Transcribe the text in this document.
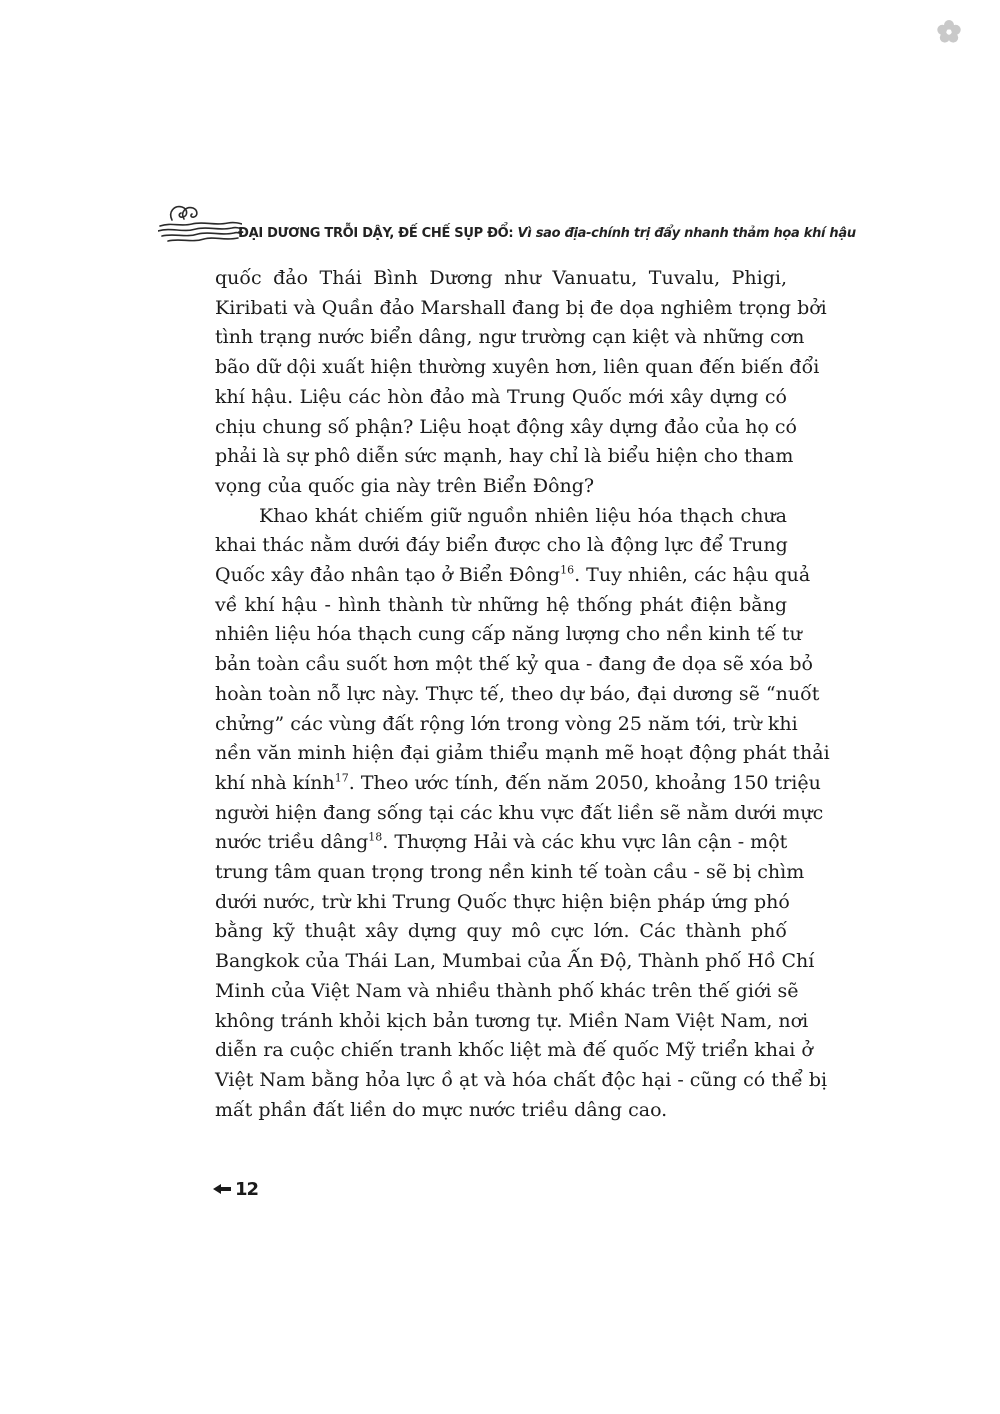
ĐẠI DƯƠNG TRỖI DẬY, ĐẾ CHẾ SỤP ĐỔ: Vì sao địa-chính trị đẩy nhanh thảm họa khí hậu
quốc đảo Thái Bình Dương như Vanuatu, Tuvalu, Phigi,
Kiribati và Quần đảo Marshall đang bị đe dọa nghiêm trọng bởi
tình trạng nước biển dâng, ngư trường cạn kiệt và những cơn
bão dữ dội xuất hiện thường xuyên hơn, liên quan đến biến đổi
khí hậu. Liệu các hòn đảo mà Trung Quốc mới xây dựng có
chịu chung số phận? Liệu hoạt động xây dựng đảo của họ có
phải là sự phô diễn sức mạnh, hay chỉ là biểu hiện cho tham
vọng của quốc gia này trên Biển Đông?
Khao khát chiếm giữ nguồn nhiên liệu hóa thạch chưa
khai thác nằm dưới đáy biển được cho là động lực để Trung
Quốc xây đảo nhân tạo ở Biển Đông$^{16}$. Tuy nhiên, các hậu quả
về khí hậu - hình thành từ những hệ thống phát điện bằng
nhiên liệu hóa thạch cung cấp năng lượng cho nền kinh tế tư
bản toàn cầu suốt hơn một thế kỷ qua - đang đe dọa sẽ xóa bỏ
hoàn toàn nỗ lực này. Thực tế, theo dự báo, đại dương sẽ “nuốt
chửng” các vùng đất rộng lớn trong vòng 25 năm tới, trừ khi
nền văn minh hiện đại giảm thiểu mạnh mẽ hoạt động phát thải
khí nhà kính$^{17}$. Theo ước tính, đến năm 2050, khoảng 150 triệu
người hiện đang sống tại các khu vực đất liền sẽ nằm dưới mực
nước triều dâng$^{18}$. Thượng Hải và các khu vực lân cận - một
trung tâm quan trọng trong nền kinh tế toàn cầu - sẽ bị chìm
dưới nước, trừ khi Trung Quốc thực hiện biện pháp ứng phó
bằng kỹ thuật xây dựng quy mô cực lớn. Các thành phố
Bangkok của Thái Lan, Mumbai của Ấn Độ, Thành phố Hồ Chí
Minh của Việt Nam và nhiều thành phố khác trên thế giới sẽ
không tránh khỏi kịch bản tương tự. Miền Nam Việt Nam, nơi
diễn ra cuộc chiến tranh khốc liệt mà đế quốc Mỹ triển khai ở
Việt Nam bằng hỏa lực ồ ạt và hóa chất độc hại - cũng có thể bị
mất phần đất liền do mực nước triều dâng cao.
12
